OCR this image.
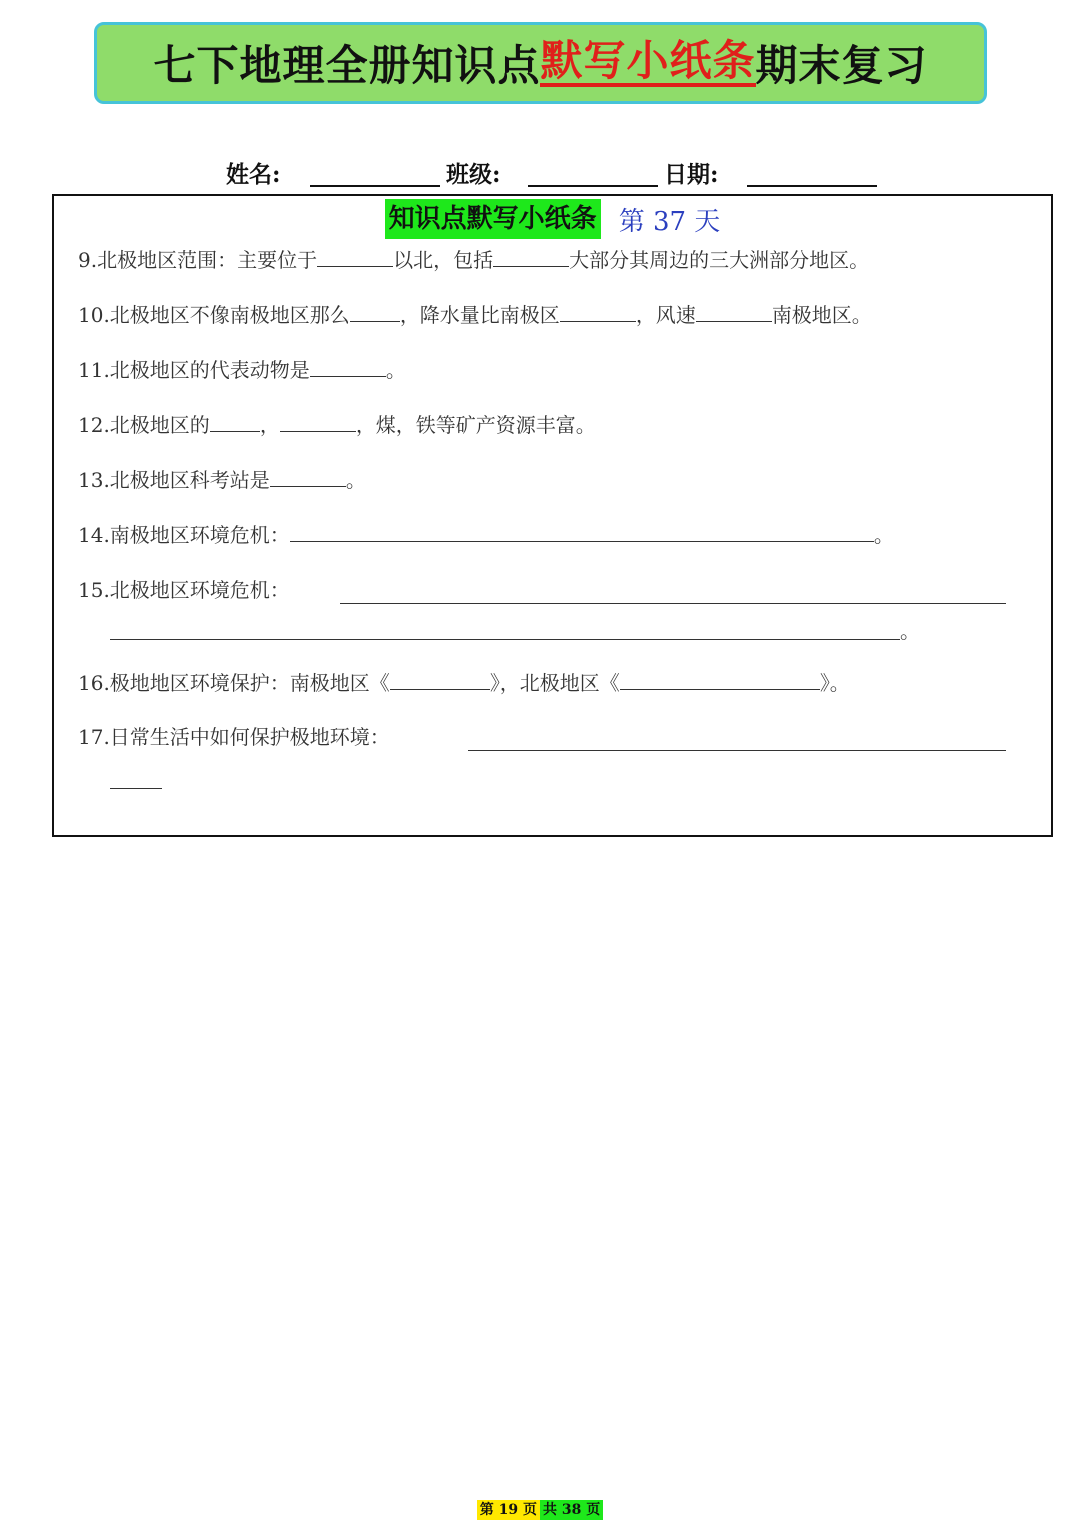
七下地理全册知识点 默写小纸条 期末复习
姓名:	班级:	日期:
知识点默写小纸条 第 37 天
9.北极地区范围：主要位于	以北，包括	大部分其周边的三大洲部分地区。
10.北极地区不像南极地区那么	，降水量比南极区	，风速	南极地区。
11.北极地区的代表动物是	。
12.北极地区的	，	，煤，铁等矿产资源丰富。
13.北极地区科考站是	。
14.南极地区环境危机：	。
15.北极地区环境危机：
。
16.极地地区环境保护：南极地区《	》，北极地区《	》。
17.日常生活中如何保护极地环境：
第 19 页 共 38 页
